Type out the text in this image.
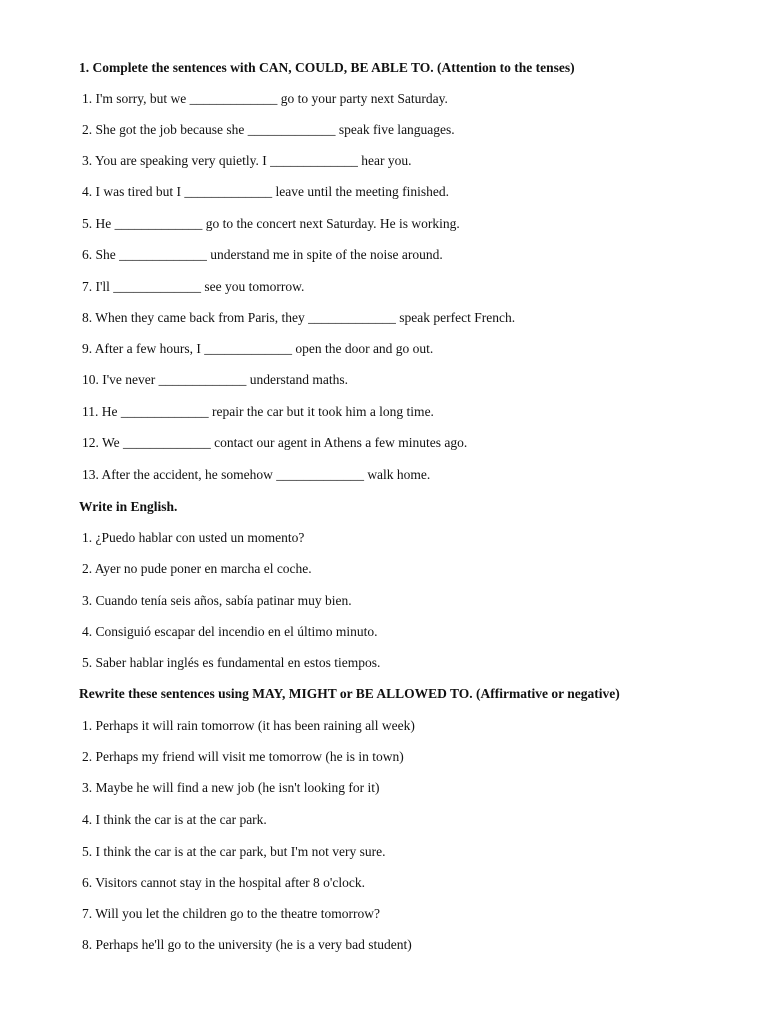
1. Complete the sentences with CAN, COULD, BE ABLE TO. (Attention to the tenses)
1. I'm sorry, but we _____________ go to your party next Saturday.
2. She got the job because she _____________ speak five languages.
3. You are speaking very quietly. I _____________ hear you.
4. I was tired but I _____________ leave until the meeting finished.
5. He _____________ go to the concert next Saturday. He is working.
6. She _____________ understand me in spite of the noise around.
7. I'll _____________ see you tomorrow.
8. When they came back from Paris, they _____________ speak perfect French.
9. After a few hours, I _____________ open the door and go out.
10. I've never _____________ understand maths.
11. He _____________ repair the car but it took him a long time.
12. We _____________ contact our agent in Athens a few minutes ago.
13. After the accident, he somehow _____________ walk home.
Write in English.
1. ¿Puedo hablar con usted un momento?
2. Ayer no pude poner en marcha el coche.
3. Cuando tenía seis años, sabía patinar muy bien.
4. Consiguió escapar del incendio en el último minuto.
5. Saber hablar inglés es fundamental en estos tiempos.
Rewrite these sentences using MAY, MIGHT or BE ALLOWED TO. (Affirmative or negative)
1. Perhaps it will rain tomorrow (it has been raining all week)
2. Perhaps my friend will visit me tomorrow (he is in town)
3. Maybe he will find a new job (he isn't looking for it)
4. I think the car is at the car park.
5. I think the car is at the car park, but I'm not very sure.
6. Visitors cannot stay in the hospital after 8 o'clock.
7. Will you let the children go to the theatre tomorrow?
8. Perhaps he'll go to the university (he is a very bad student)
